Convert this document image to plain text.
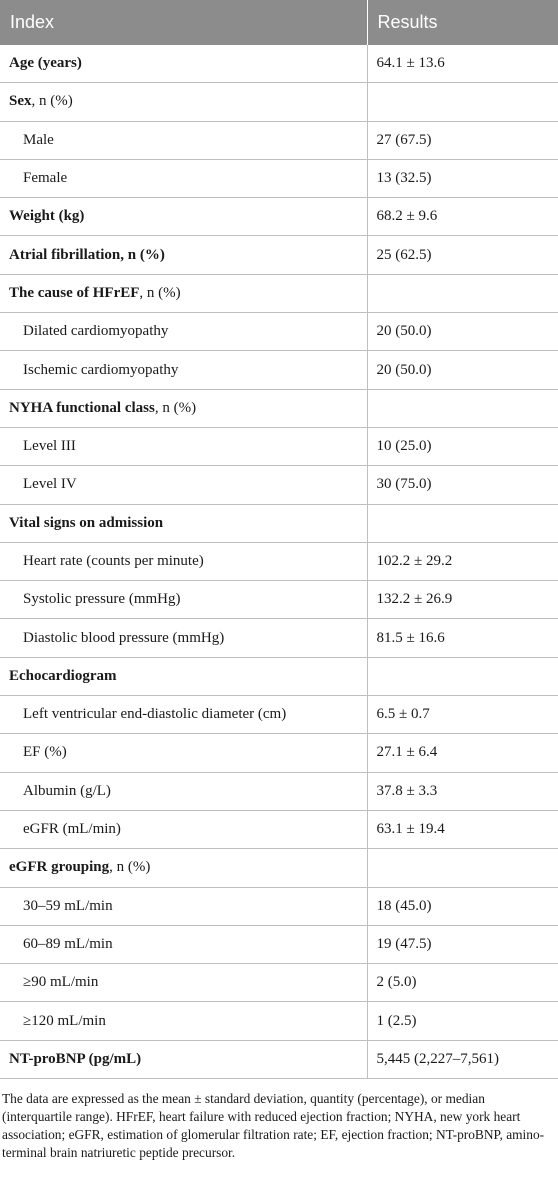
Index	Results
Age (years)	64.1 ± 13.6
Sex, n (%)	
Male	27 (67.5)
Female	13 (32.5)
Weight (kg)	68.2 ± 9.6
Atrial fibrillation, n (%)	25 (62.5)
The cause of HFrEF, n (%)	
Dilated cardiomyopathy	20 (50.0)
Ischemic cardiomyopathy	20 (50.0)
NYHA functional class, n (%)	
Level III	10 (25.0)
Level IV	30 (75.0)
Vital signs on admission	
Heart rate (counts per minute)	102.2 ± 29.2
Systolic pressure (mmHg)	132.2 ± 26.9
Diastolic blood pressure (mmHg)	81.5 ± 16.6
Echocardiogram	
Left ventricular end-diastolic diameter (cm)	6.5 ± 0.7
EF (%)	27.1 ± 6.4
Albumin (g/L)	37.8 ± 3.3
eGFR (mL/min)	63.1 ± 19.4
eGFR grouping, n (%)	
30–59 mL/min	18 (45.0)
60–89 mL/min	19 (47.5)
≥90 mL/min	2 (5.0)
≥120 mL/min	1 (2.5)
NT-proBNP (pg/mL)	5,445 (2,227–7,561)
The data are expressed as the mean ± standard deviation, quantity (percentage), or median (interquartile range). HFrEF, heart failure with reduced ejection fraction; NYHA, new york heart association; eGFR, estimation of glomerular filtration rate; EF, ejection fraction; NT-proBNP, amino-terminal brain natriuretic peptide precursor.
